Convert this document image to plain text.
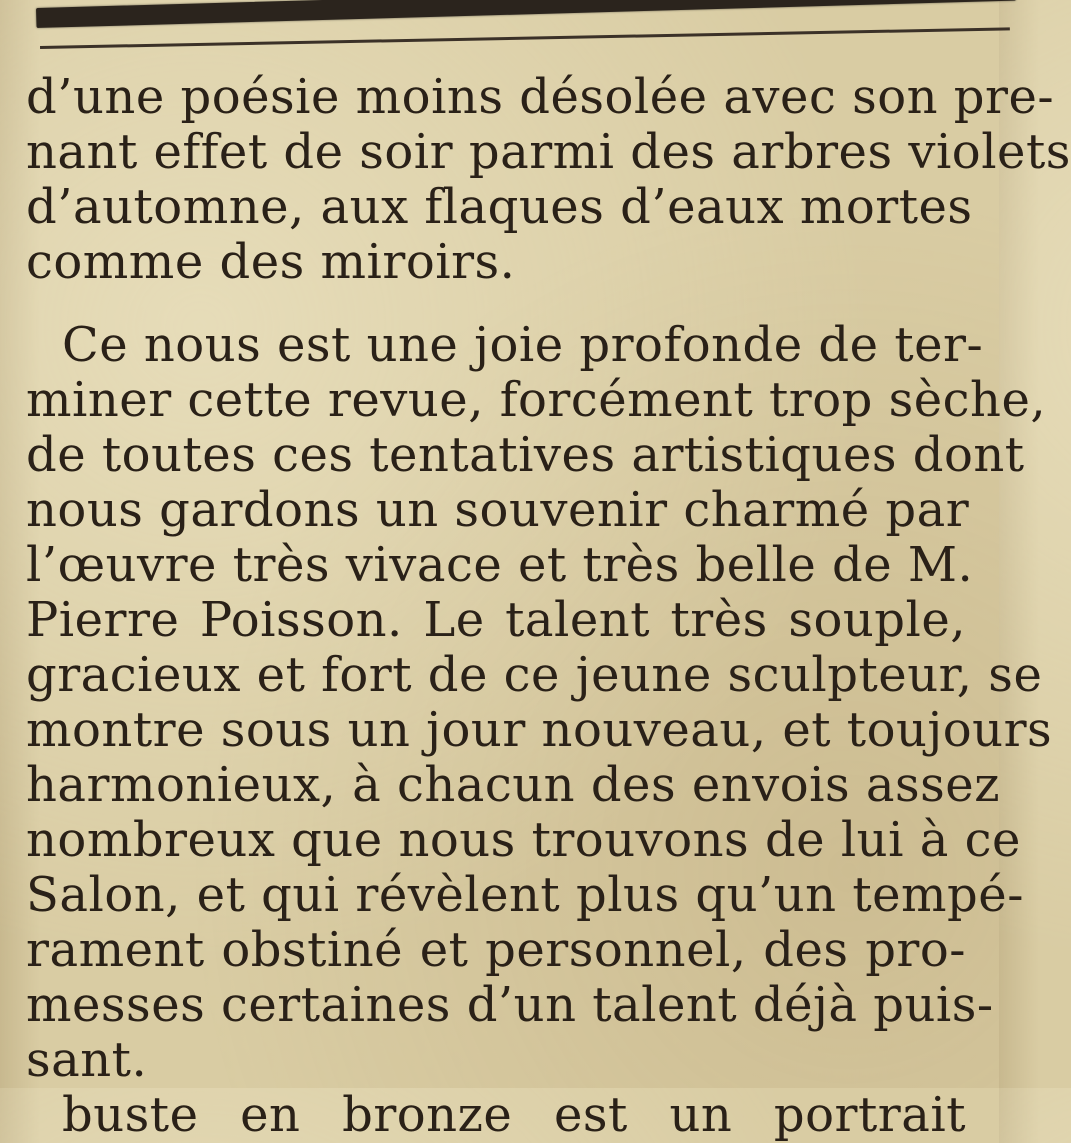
d’une poésie moins désolée avec son pre-
nant effet de soir parmi des arbres violets
d’automne, aux flaques d’eaux mortes
comme des miroirs.
Ce nous est une joie profonde de ter-
miner cette revue, forcément trop sèche,
de toutes ces tentatives artistiques dont
nous gardons un souvenir charmé par
l’œuvre très vivace et très belle de M.
Pierre Poisson. Le talent très souple,
gracieux et fort de ce jeune sculpteur, se
montre sous un jour nouveau, et toujours
harmonieux, à chacun des envois assez
nombreux que nous trouvons de lui à ce
Salon, et qui révèlent plus qu’un tempé-
rament obstiné et personnel, des pro-
messes certaines d’un talent déjà puis-
sant.
buste en bronze est un portrait
